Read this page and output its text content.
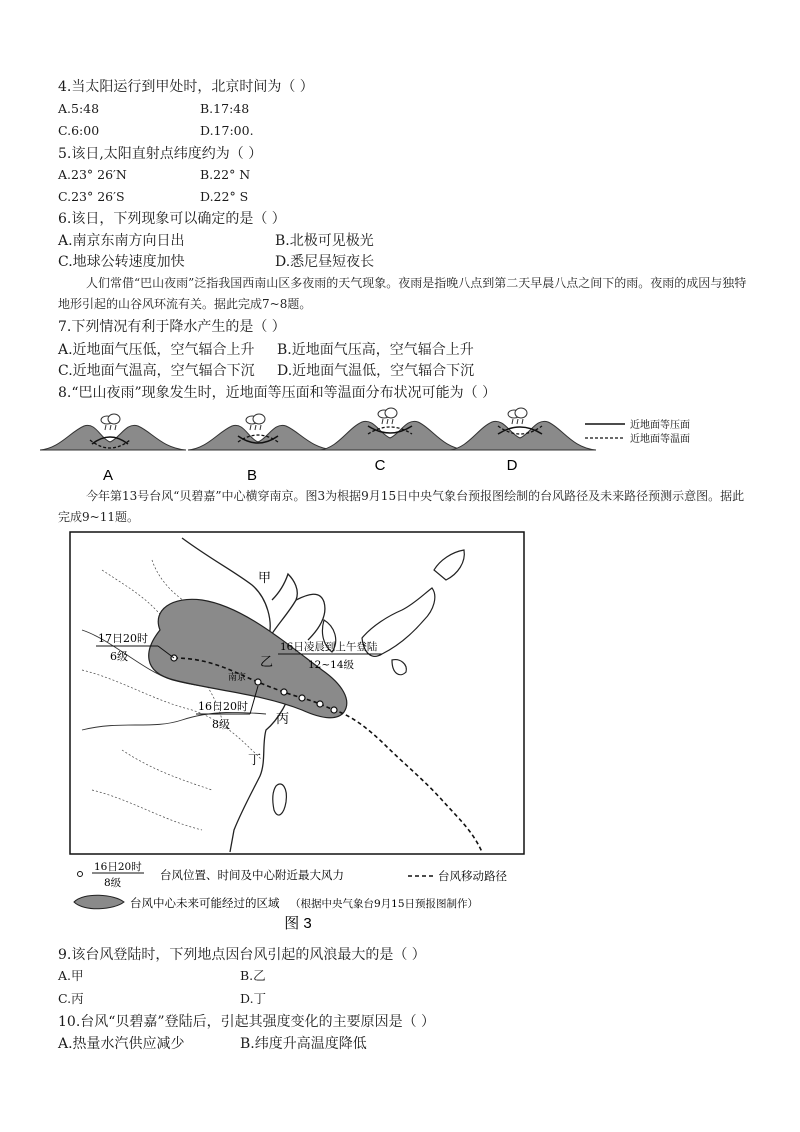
4.当太阳运行到甲处时，北京时间为（ ）
A.5:48	B.17:48
C.6:00	D.17:00.
5.该日,太阳直射点纬度约为（ ）
A.23° 26′N	B.22° N
C.23° 26′S	D.22° S
6.该日，下列现象可以确定的是（ ）
A.南京东南方向日出	B.北极可见极光
C.地球公转速度加快	D.悉尼昼短夜长
人们常借“巴山夜雨”泛指我国西南山区多夜雨的天气现象。夜雨是指晚八点到第二天早晨八点之间下的雨。夜雨的成因与独特地形引起的山谷风环流有关。据此完成7~8题。
7.下列情况有利于降水产生的是（ ）
A.近地面气压低，空气辐合上升 B.近地面气压高，空气辐合上升
C.近地面气温高，空气辐合下沉 D.近地面气温低，空气辐合下沉
8.“巴山夜雨”现象发生时，近地面等压面和等温面分布状况可能为（ ）
A	B
C	D
近地面等压面
近地面等温面
今年第13号台风“贝碧嘉”中心横穿南京。图3为根据9月15日中央气象台预报图绘制的台风路径及未来路径预测示意图。据此完成9~11题。
甲
乙
丙
丁
南京
17日20时
6级
16日凌晨到上午登陆
12~14级
16日20时
8级
16日20时
8级
台风位置、时间及中心附近最大风力	台风移动路径
台风中心未来可能经过的区域 （根据中央气象台9月15日预报图制作）
图 3
9.该台风登陆时，下列地点因台风引起的风浪最大的是（ ）
A.甲	B.乙
C.丙	D.丁
10.台风“贝碧嘉”登陆后，引起其强度变化的主要原因是（ ）
A.热量水汽供应减少	B.纬度升高温度降低
